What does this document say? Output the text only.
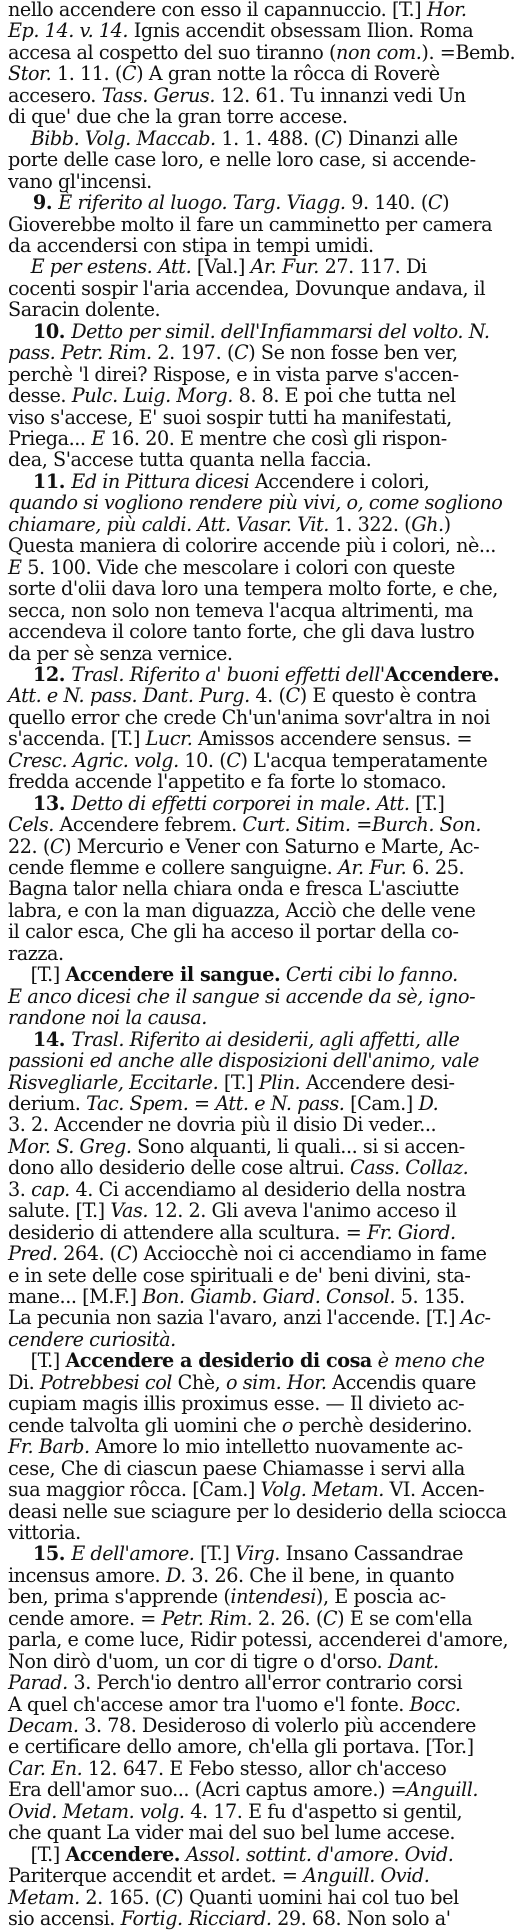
nello accendere con esso il capannuccio. [T.] Hor.
Ep. 14. v. 14. Ignis accendit obsessam Ilion. Roma
accesa al cospetto del suo tiranno (non com.). =Bemb.
Stor. 1. 11. (C) A gran notte la rôcca di Roverè
accesero. Tass. Gerus. 12. 61. Tu innanzi vedi Un
di que' due che la gran torre accese.
Bibb. Volg. Maccab. 1. 1. 488. (C) Dinanzi alle
porte delle case loro, e nelle loro case, si accende-
vano gl'incensi.
9. È riferito al luogo. Targ. Viagg. 9. 140. (C)
Gioverebbe molto il fare un camminetto per camera
da accendersi con stipa in tempi umidi.
E per estens. Att. [Val.] Ar. Fur. 27. 117. Di
cocenti sospir l'aria accendea, Dovunque andava, il
Saracin dolente.
10. Detto per simil. dell'Infiammarsi del volto. N.
pass. Petr. Rim. 2. 197. (C) Se non fosse ben ver,
perchè 'l direi? Rispose, e in vista parve s'accen-
desse. Pulc. Luig. Morg. 8. 8. E poi che tutta nel
viso s'accese, E' suoi sospir tutti ha manifestati,
Priega... E 16. 20. E mentre che così gli rispon-
dea, S'accese tutta quanta nella faccia.
11. Ed in Pittura dicesi Accendere i colori,
quando si vogliono rendere più vivi, o, come sogliono
chiamare, più caldi. Att. Vasar. Vit. 1. 322. (Gh.)
Questa maniera di colorire accende più i colori, nè...
E 5. 100. Vide che mescolare i colori con queste
sorte d'olii dava loro una tempera molto forte, e che,
secca, non solo non temeva l'acqua altrimenti, ma
accendeva il colore tanto forte, che gli dava lustro
da per sè senza vernice.
12. Trasl. Riferito a' buoni effetti dell'Accendere.
Att. e N. pass. Dant. Purg. 4. (C) E questo è contra
quello error che crede Ch'un'anima sovr'altra in noi
s'accenda. [T.] Lucr. Amissos accendere sensus. =
Cresc. Agric. volg. 10. (C) L'acqua temperatamente
fredda accende l'appetito e fa forte lo stomaco.
13. Detto di effetti corporei in male. Att. [T.]
Cels. Accendere febrem. Curt. Sitim. =Burch. Son.
22. (C) Mercurio e Vener con Saturno e Marte, Ac-
cende flemme e collere sanguigne. Ar. Fur. 6. 25.
Bagna talor nella chiara onda e fresca L'asciutte
labra, e con la man diguazza, Acciò che delle vene
il calor esca, Che gli ha acceso il portar della co-
razza.
[T.] Accendere il sangue. Certi cibi lo fanno.
E anco dicesi che il sangue si accende da sè, igno-
randone noi la causa.
14. Trasl. Riferito ai desiderii, agli affetti, alle
passioni ed anche alle disposizioni dell'animo, vale
Risvegliarle, Eccitarle. [T.] Plin. Accendere desi-
derium. Tac. Spem. = Att. e N. pass. [Cam.] D.
3. 2. Accender ne dovria più il disio Di veder...
Mor. S. Greg. Sono alquanti, li quali... si si accen-
dono allo desiderio delle cose altrui. Cass. Collaz.
3. cap. 4. Ci accendiamo al desiderio della nostra
salute. [T.] Vas. 12. 2. Gli aveva l'animo acceso il
desiderio di attendere alla scultura. = Fr. Giord.
Pred. 264. (C) Acciocchè noi ci accendiamo in fame
e in sete delle cose spirituali e de' beni divini, sta-
mane... [M.F.] Bon. Giamb. Giard. Consol. 5. 135.
La pecunia non sazia l'avaro, anzi l'accende. [T.] Ac-
cendere curiosità.
[T.] Accendere a desiderio di cosa è meno che
Di. Potrebbesi col Chè, o sim. Hor. Accendis quare
cupiam magis illis proximus esse. — Il divieto ac-
cende talvolta gli uomini che o perchè desiderino.
Fr. Barb. Amore lo mio intelletto nuovamente ac-
cese, Che di ciascun paese Chiamasse i servi alla
sua maggior rôcca. [Cam.] Volg. Metam. VI. Accen-
deasi nelle sue sciagure per lo desiderio della sciocca
vittoria.
15. E dell'amore. [T.] Virg. Insano Cassandrae
incensus amore. D. 3. 26. Che il bene, in quanto
ben, prima s'apprende (intendesi), E poscia ac-
cende amore. = Petr. Rim. 2. 26. (C) E se com'ella
parla, e come luce, Ridir potessi, accenderei d'amore,
Non dirò d'uom, un cor di tigre o d'orso. Dant.
Parad. 3. Perch'io dentro all'error contrario corsi
A quel ch'accese amor tra l'uomo e'l fonte. Bocc.
Decam. 3. 78. Desideroso di volerlo più accendere
e certificare dello amore, ch'ella gli portava. [Tor.]
Car. En. 12. 647. E Febo stesso, allor ch'acceso
Era dell'amor suo... (Acri captus amore.) =Anguill.
Ovid. Metam. volg. 4. 17. E fu d'aspetto si gentil,
che quant La vider mai del suo bel lume accese.
[T.] Accendere. Assol. sottint. d'amore. Ovid.
Pariterque accendit et ardet. = Anguill. Ovid.
Metam. 2. 165. (C) Quanti uomini hai col tuo bel
sio accensi. Fortig. Ricciard. 29. 68. Non solo a'
